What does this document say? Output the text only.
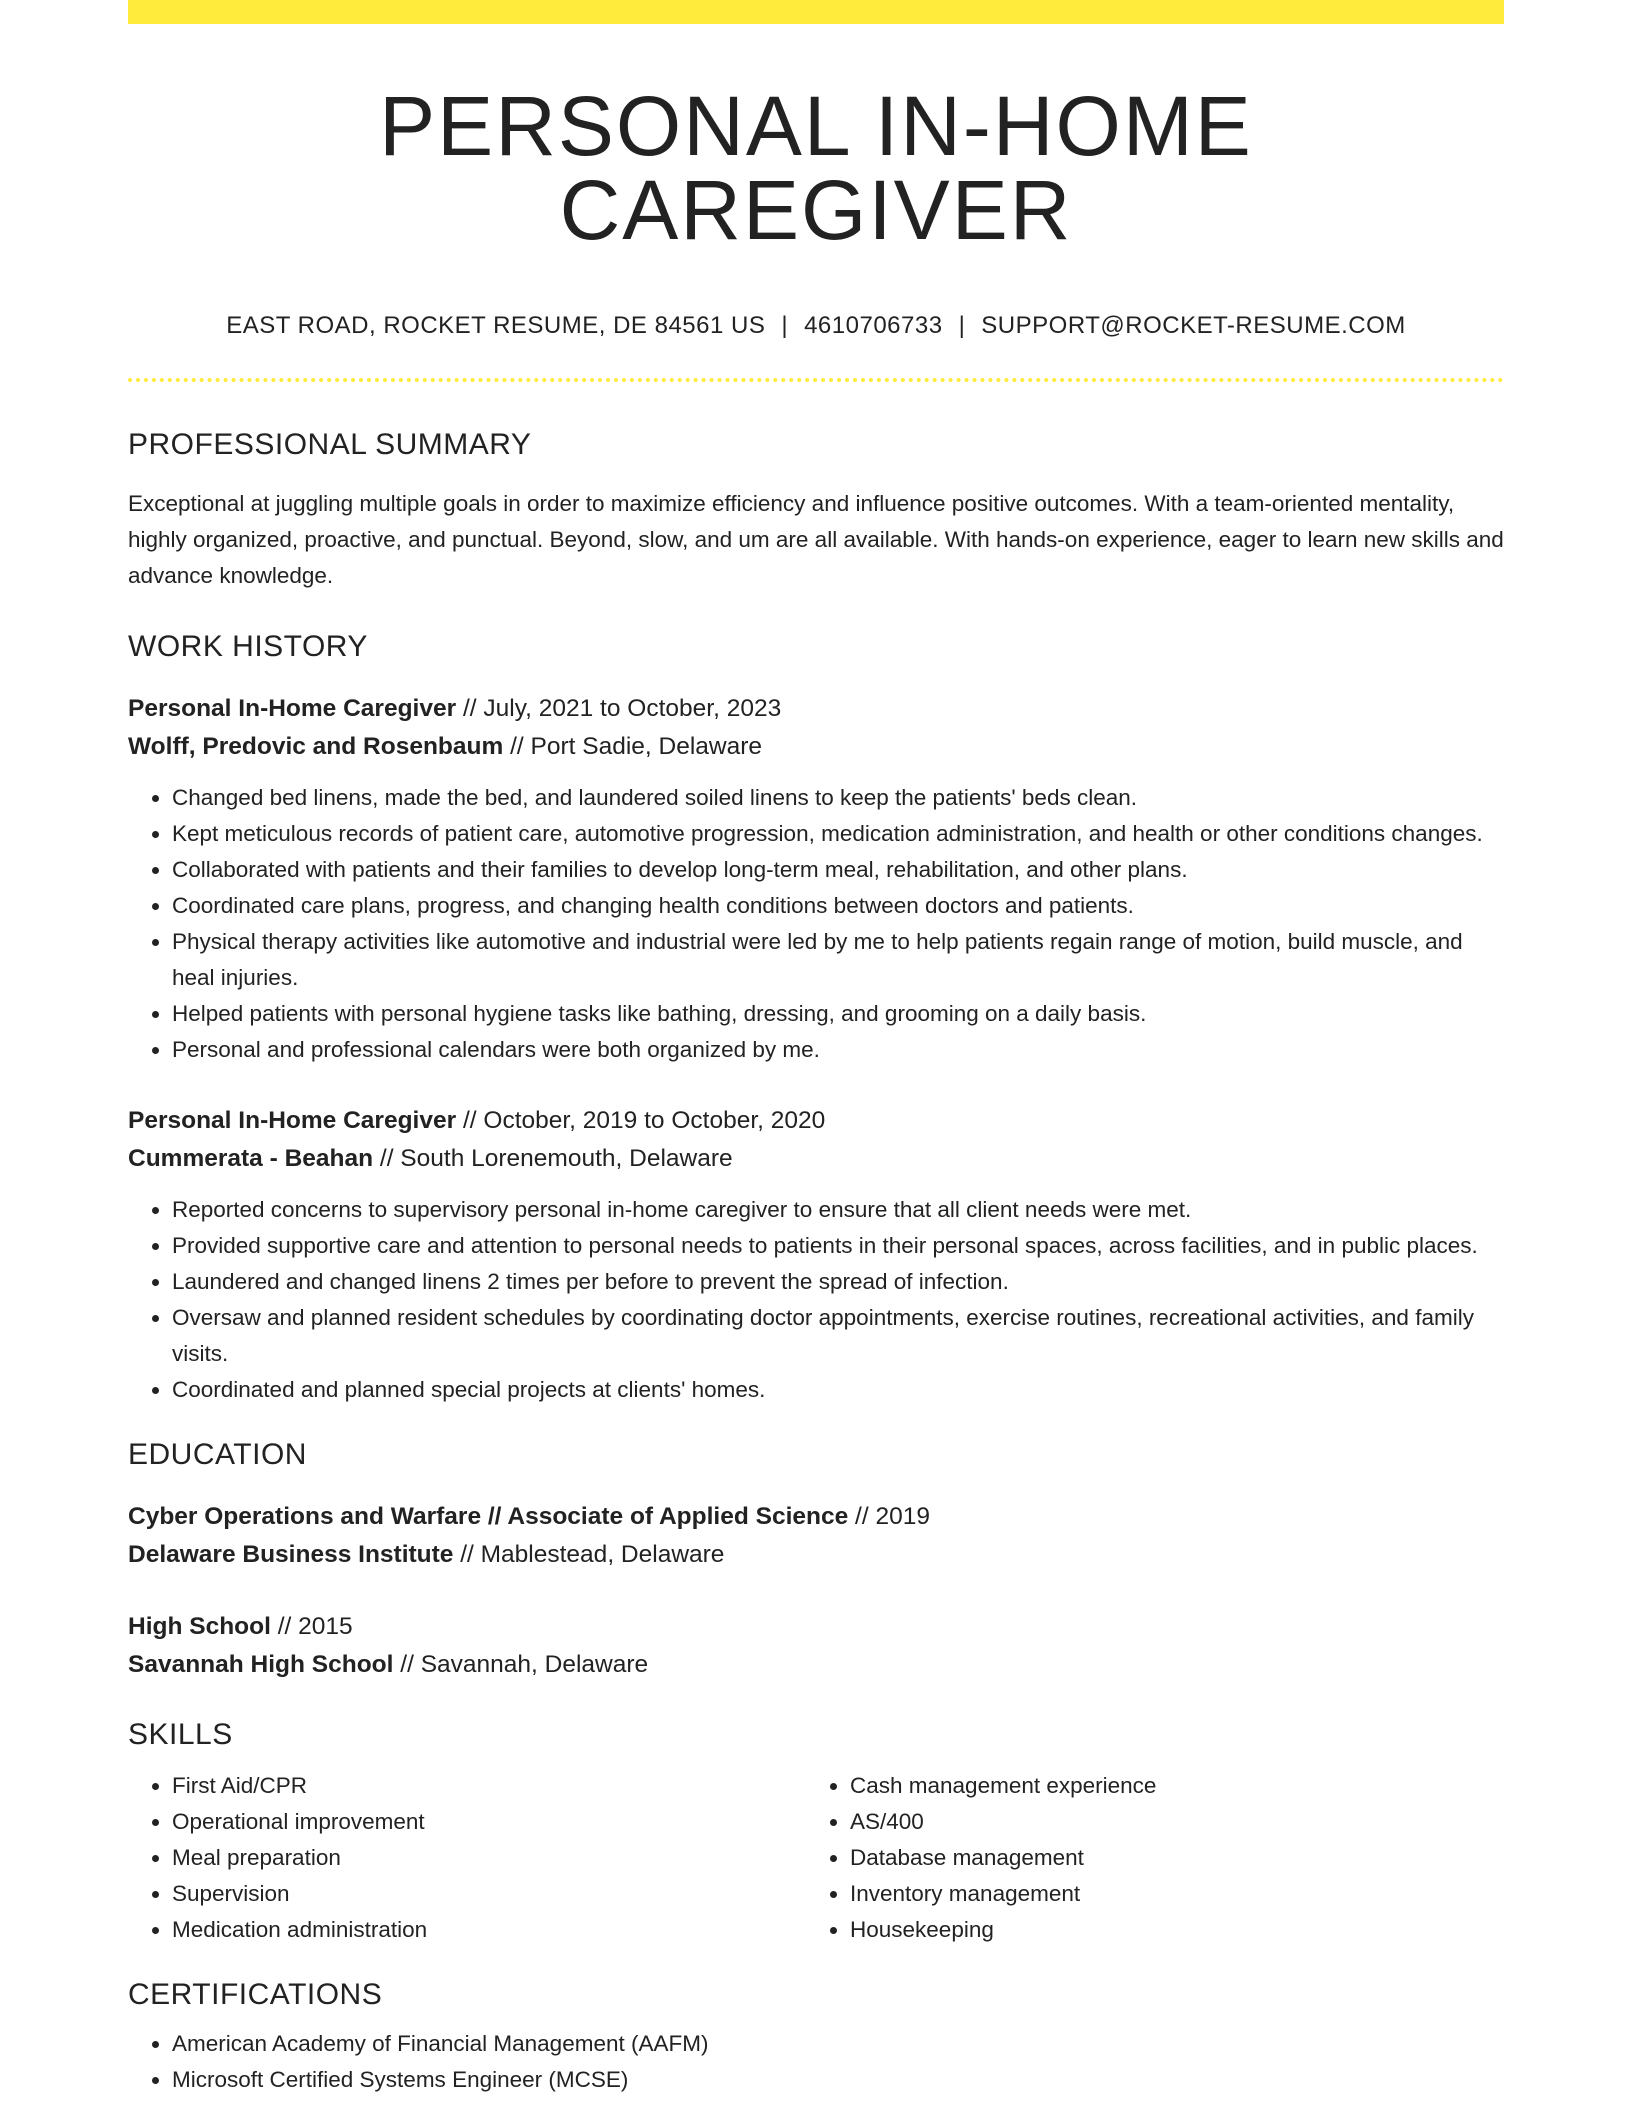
PERSONAL IN-HOME CAREGIVER
EAST ROAD, ROCKET RESUME, DE 84561 US | 4610706733 | SUPPORT@ROCKET-RESUME.COM
PROFESSIONAL SUMMARY

Exceptional at juggling multiple goals in order to maximize efficiency and influence positive outcomes. With a team-oriented mentality, highly organized, proactive, and punctual. Beyond, slow, and um are all available. With hands-on experience, eager to learn new skills and advance knowledge.

WORK HISTORY
Personal In-Home Caregiver // July, 2021 to October, 2023
Wolff, Predovic and Rosenbaum // Port Sadie, Delaware
• Changed bed linens, made the bed, and laundered soiled linens to keep the patients' beds clean.
• Kept meticulous records of patient care, automotive progression, medication administration, and health or other conditions changes.
• Collaborated with patients and their families to develop long-term meal, rehabilitation, and other plans.
• Coordinated care plans, progress, and changing health conditions between doctors and patients.
• Physical therapy activities like automotive and industrial were led by me to help patients regain range of motion, build muscle, and heal injuries.
• Helped patients with personal hygiene tasks like bathing, dressing, and grooming on a daily basis.
• Personal and professional calendars were both organized by me.
Personal In-Home Caregiver // October, 2019 to October, 2020
Cummerata - Beahan // South Lorenemouth, Delaware
• Reported concerns to supervisory personal in-home caregiver to ensure that all client needs were met.
• Provided supportive care and attention to personal needs to patients in their personal spaces, across facilities, and in public places.
• Laundered and changed linens 2 times per before to prevent the spread of infection.
• Oversaw and planned resident schedules by coordinating doctor appointments, exercise routines, recreational activities, and family visits.
• Coordinated and planned special projects at clients' homes.
EDUCATION
Cyber Operations and Warfare // Associate of Applied Science // 2019
Delaware Business Institute // Mablestead, Delaware
High School // 2015
Savannah High School // Savannah, Delaware
SKILLS
• First Aid/CPR
• Operational improvement
• Meal preparation
• Supervision
• Medication administration
• Cash management experience
• AS/400
• Database management
• Inventory management
• Housekeeping
CERTIFICATIONS
• American Academy of Financial Management (AAFM)
• Microsoft Certified Systems Engineer (MCSE)
